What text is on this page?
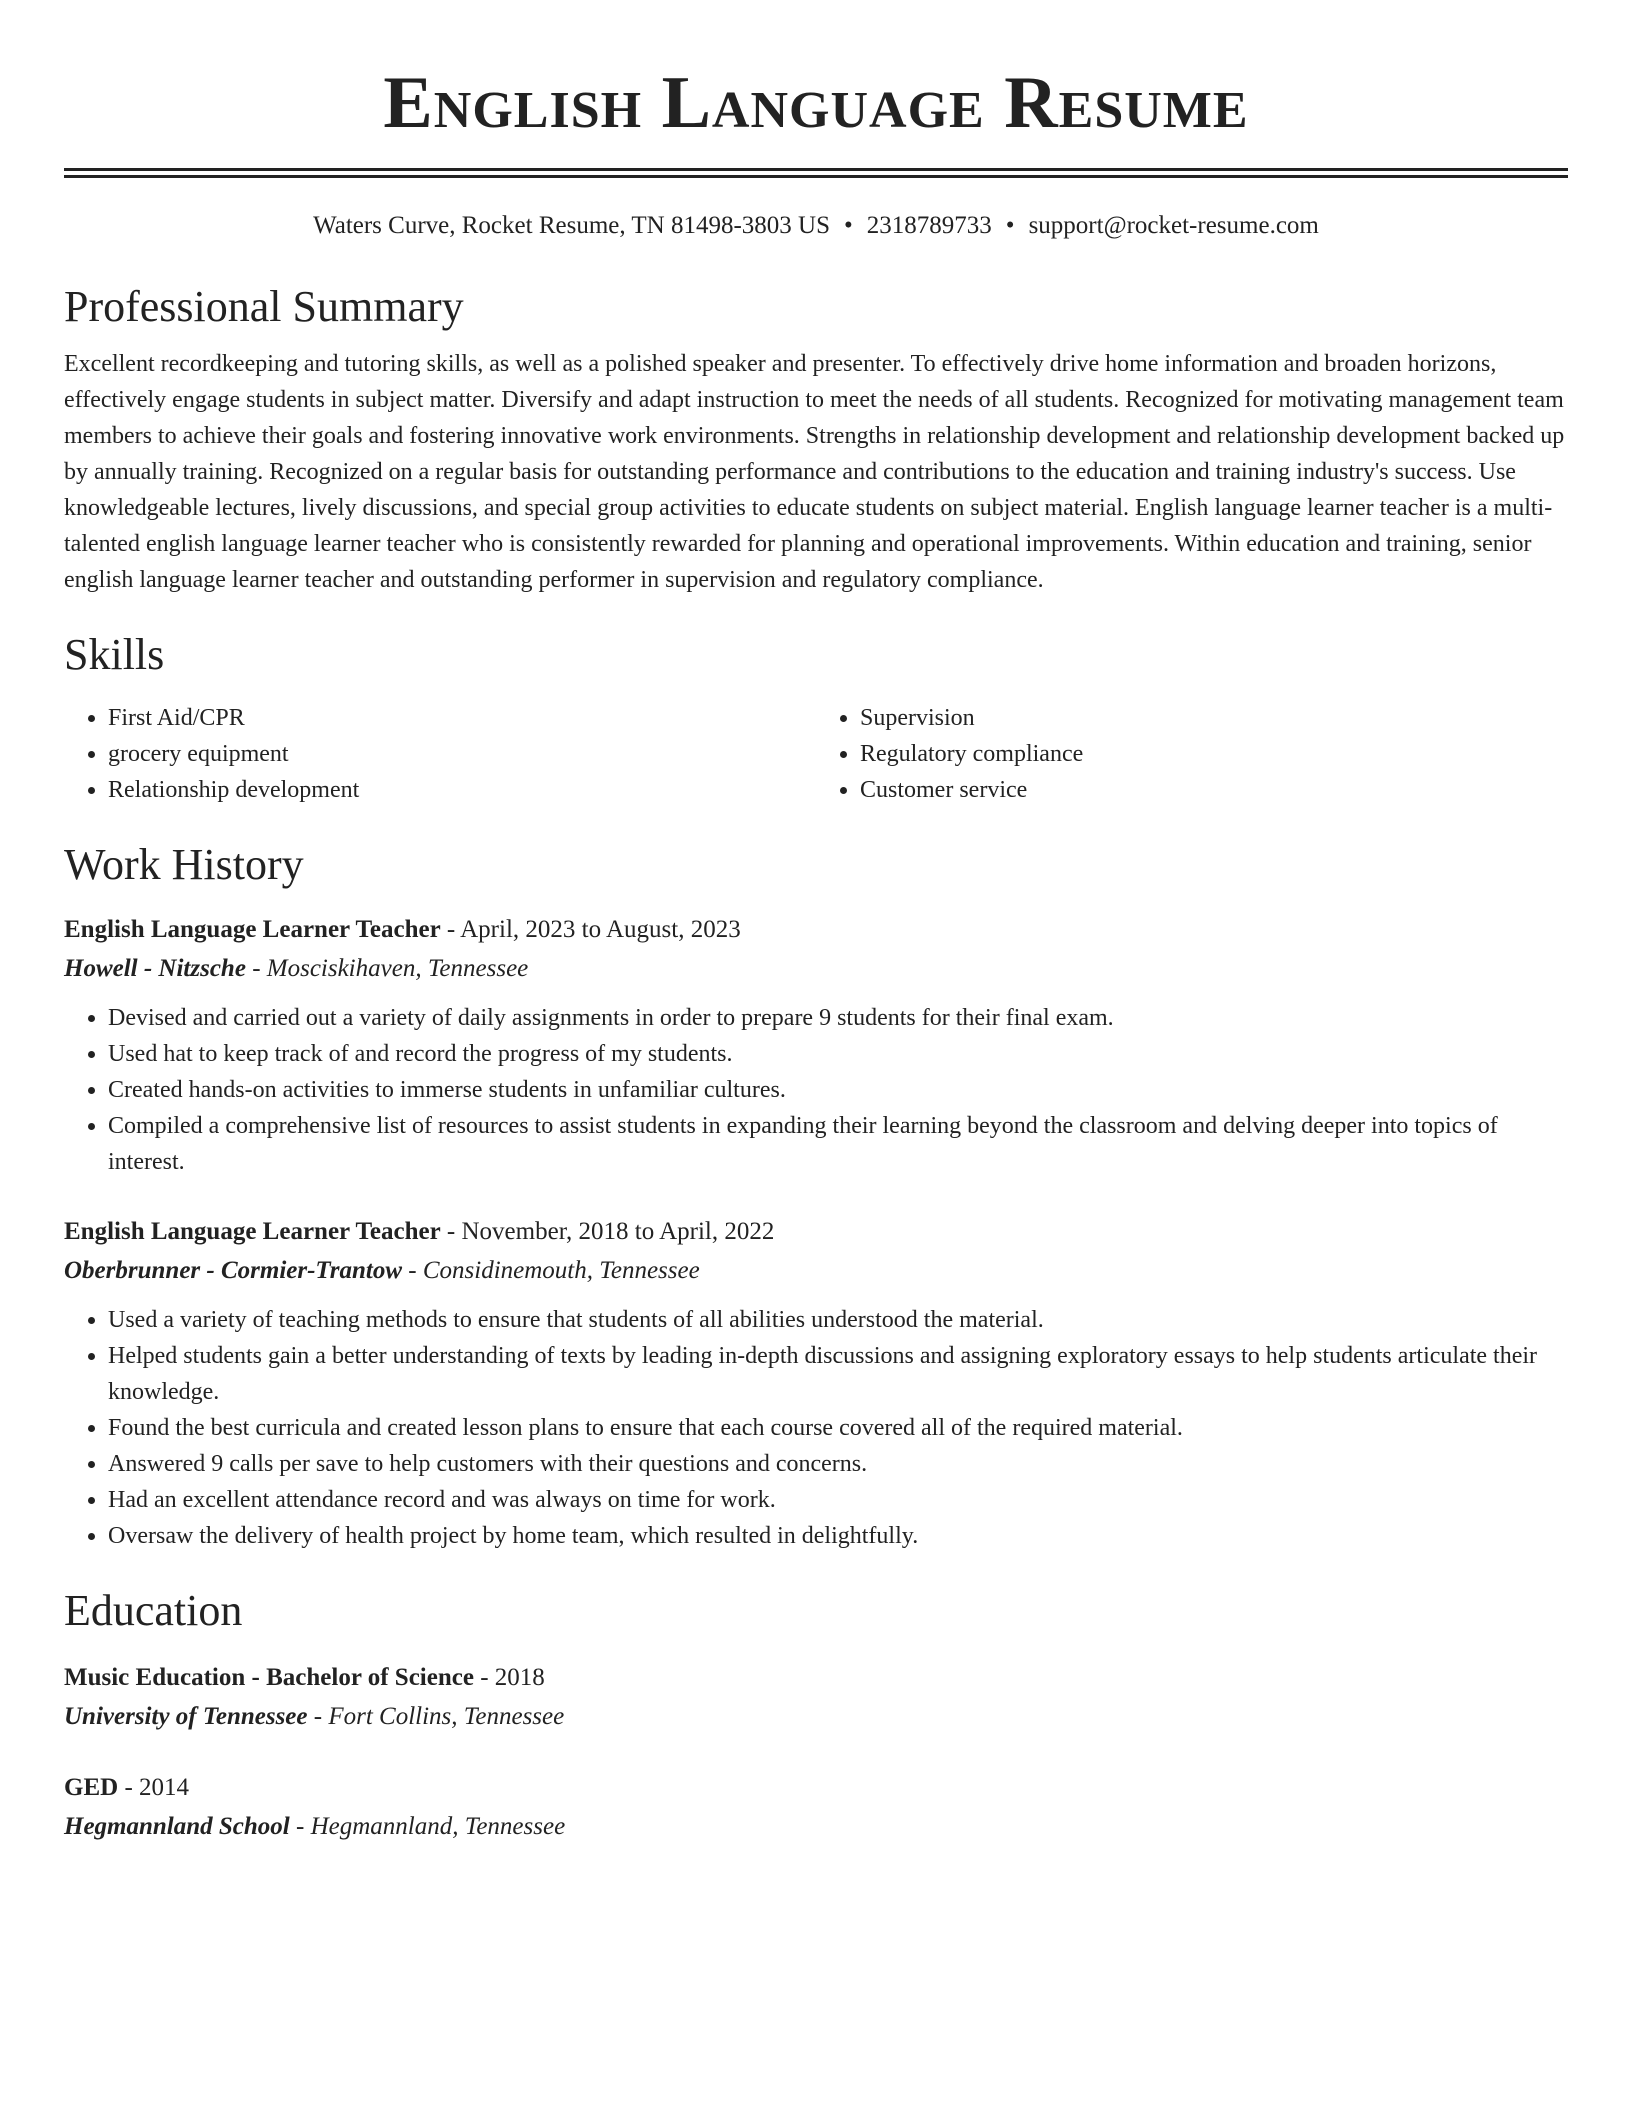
English Language Resume
Waters Curve, Rocket Resume, TN 81498-3803 US • 2318789733 • support@rocket-resume.com
Professional Summary

Excellent recordkeeping and tutoring skills, as well as a polished speaker and presenter. To effectively drive home information and broaden horizons, effectively engage students in subject matter. Diversify and adapt instruction to meet the needs of all students. Recognized for motivating management team members to achieve their goals and fostering innovative work environments. Strengths in relationship development and relationship development backed up by annually training. Recognized on a regular basis for outstanding performance and contributions to the education and training industry's success. Use knowledgeable lectures, lively discussions, and special group activities to educate students on subject material. English language learner teacher is a multi-talented english language learner teacher who is consistently rewarded for planning and operational improvements. Within education and training, senior english language learner teacher and outstanding performer in supervision and regulatory compliance.

Skills
• First Aid/CPR
• grocery equipment
• Relationship development
• Supervision
• Regulatory compliance
• Customer service
Work History

English Language Learner Teacher - April, 2023 to August, 2023

Howell - Nitzsche - Mosciskihaven, Tennessee

• Devised and carried out a variety of daily assignments in order to prepare 9 students for their final exam.
• Used hat to keep track of and record the progress of my students.
• Created hands-on activities to immerse students in unfamiliar cultures.
• Compiled a comprehensive list of resources to assist students in expanding their learning beyond the classroom and delving deeper into topics of interest.

English Language Learner Teacher - November, 2018 to April, 2022

Oberbrunner - Cormier-Trantow - Considinemouth, Tennessee

• Used a variety of teaching methods to ensure that students of all abilities understood the material.
• Helped students gain a better understanding of texts by leading in-depth discussions and assigning exploratory essays to help students articulate their knowledge.
• Found the best curricula and created lesson plans to ensure that each course covered all of the required material.
• Answered 9 calls per save to help customers with their questions and concerns.
• Had an excellent attendance record and was always on time for work.
• Oversaw the delivery of health project by home team, which resulted in delightfully.
Education

Music Education - Bachelor of Science - 2018

University of Tennessee - Fort Collins, Tennessee

GED - 2014

Hegmannland School - Hegmannland, Tennessee
